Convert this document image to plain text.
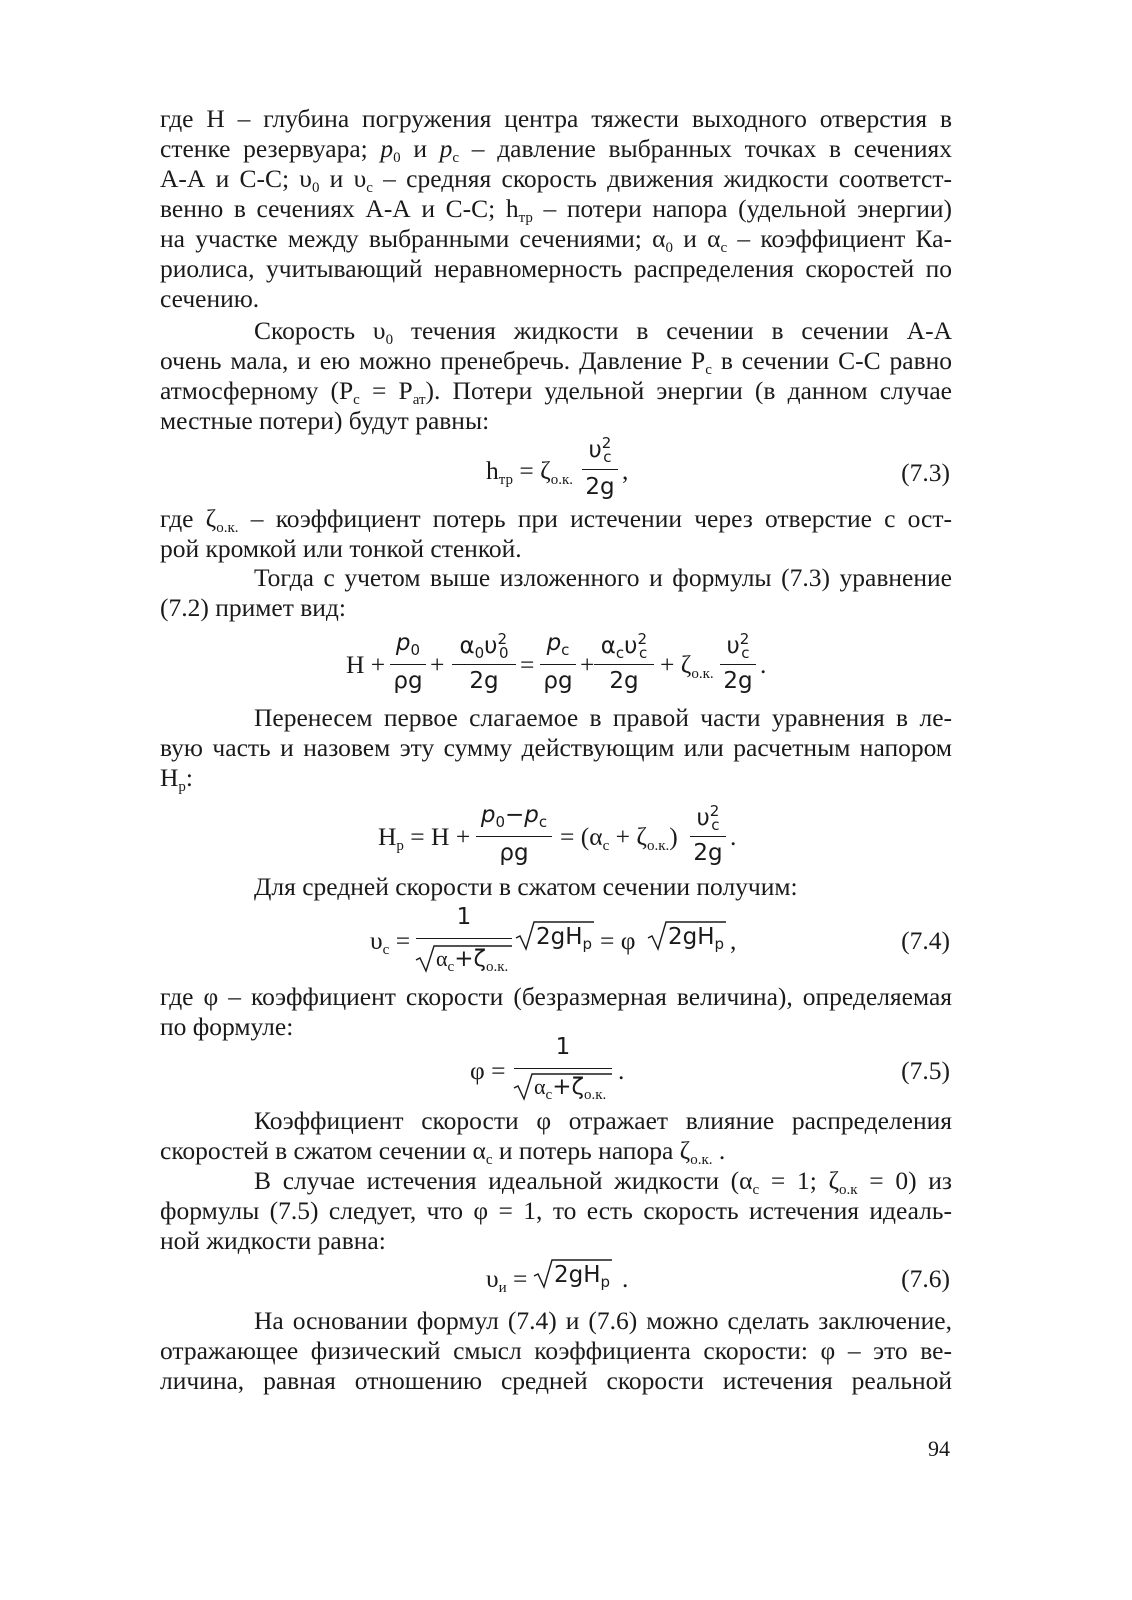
где Н – глубина погружения центра тяжести выходного отверстия в
стенке резервуара; $p_0$ и $p_c$ – давление выбранных точках в сечениях
А-А и С-С; $\upsilon_0$ и $\upsilon_c$ – средняя скорость движения жидкости соответст-
венно в сечениях А-А и С-С; $h_{тр}$ – потери напора (удельной энергии)
на участке между выбранными сечениями; $\alpha_0$ и $\alpha_c$ – коэффициент Ка-
риолиса, учитывающий неравномерность распределения скоростей по
сечению.
Скорость $\upsilon_0$ течения жидкости в сечении в сечении А-А
очень мала, и ею можно пренебречь. Давление $Р_с$ в сечении С-С равно
атмосферному $(Р_с = Р_{ат})$. Потери удельной энергии (в данном случае
местные потери) будут равны:
$h_{тр} = \zeta_{о.к.}$
$\upsilon^2_c$
2g
,	(7.3)
где $\zeta_{о.к.}$ – коэффициент потерь при истечении через отверстие с ост-
рой кромкой или тонкой стенкой.
Тогда с учетом выше изложенного и формулы (7.3) уравнение
(7.2) примет вид:
Н +
$p_0$
ρg
+
$\alpha_0\upsilon^2_0$
2g
=
$p_c$
ρg
+
$\alpha_c\upsilon^2_c$
2g
+ $\zeta_{о.к.}$
$\upsilon^2_c$
2g
.
Перенесем первое слагаемое в правой части уравнения в ле-
вую часть и назовем эту сумму действующим или расчетным напором
$Н_р$:
$Н_р = Н$ +
$p_0-p_c$
ρg
= $(\alpha_c + \zeta_{о.к.})$
$\upsilon^2_c$
2g
.
Для средней скорости в сжатом сечении получим:
$\upsilon_c$ =
1
$\alpha_c+\zeta_{о.к.}$
$2gH_p = \varphi$ $2gH_p$ ,	(7.4)
где φ – коэффициент скорости (безразмерная величина), определяемая
по формуле:
φ =
1
$\alpha_c+\zeta_{о.к.}$
.	(7.5)
Коэффициент скорости φ отражает влияние распределения
скоростей в сжатом сечении $\alpha_c$ и потерь напора $\zeta_{о.к.}$ .
В случае истечения идеальной жидкости ($\alpha_с = 1$; $\zeta_{о.к} = 0$) из
формулы (7.5) следует, что φ = 1, то есть скорость истечения идеаль-
ной жидкости равна:
$\upsilon_и = 2gH_p$ .	(7.6)
На основании формул (7.4) и (7.6) можно сделать заключение,
отражающее физический смысл коэффициента скорости: φ – это ве-
личина, равная отношению средней скорости истечения реальной
94
